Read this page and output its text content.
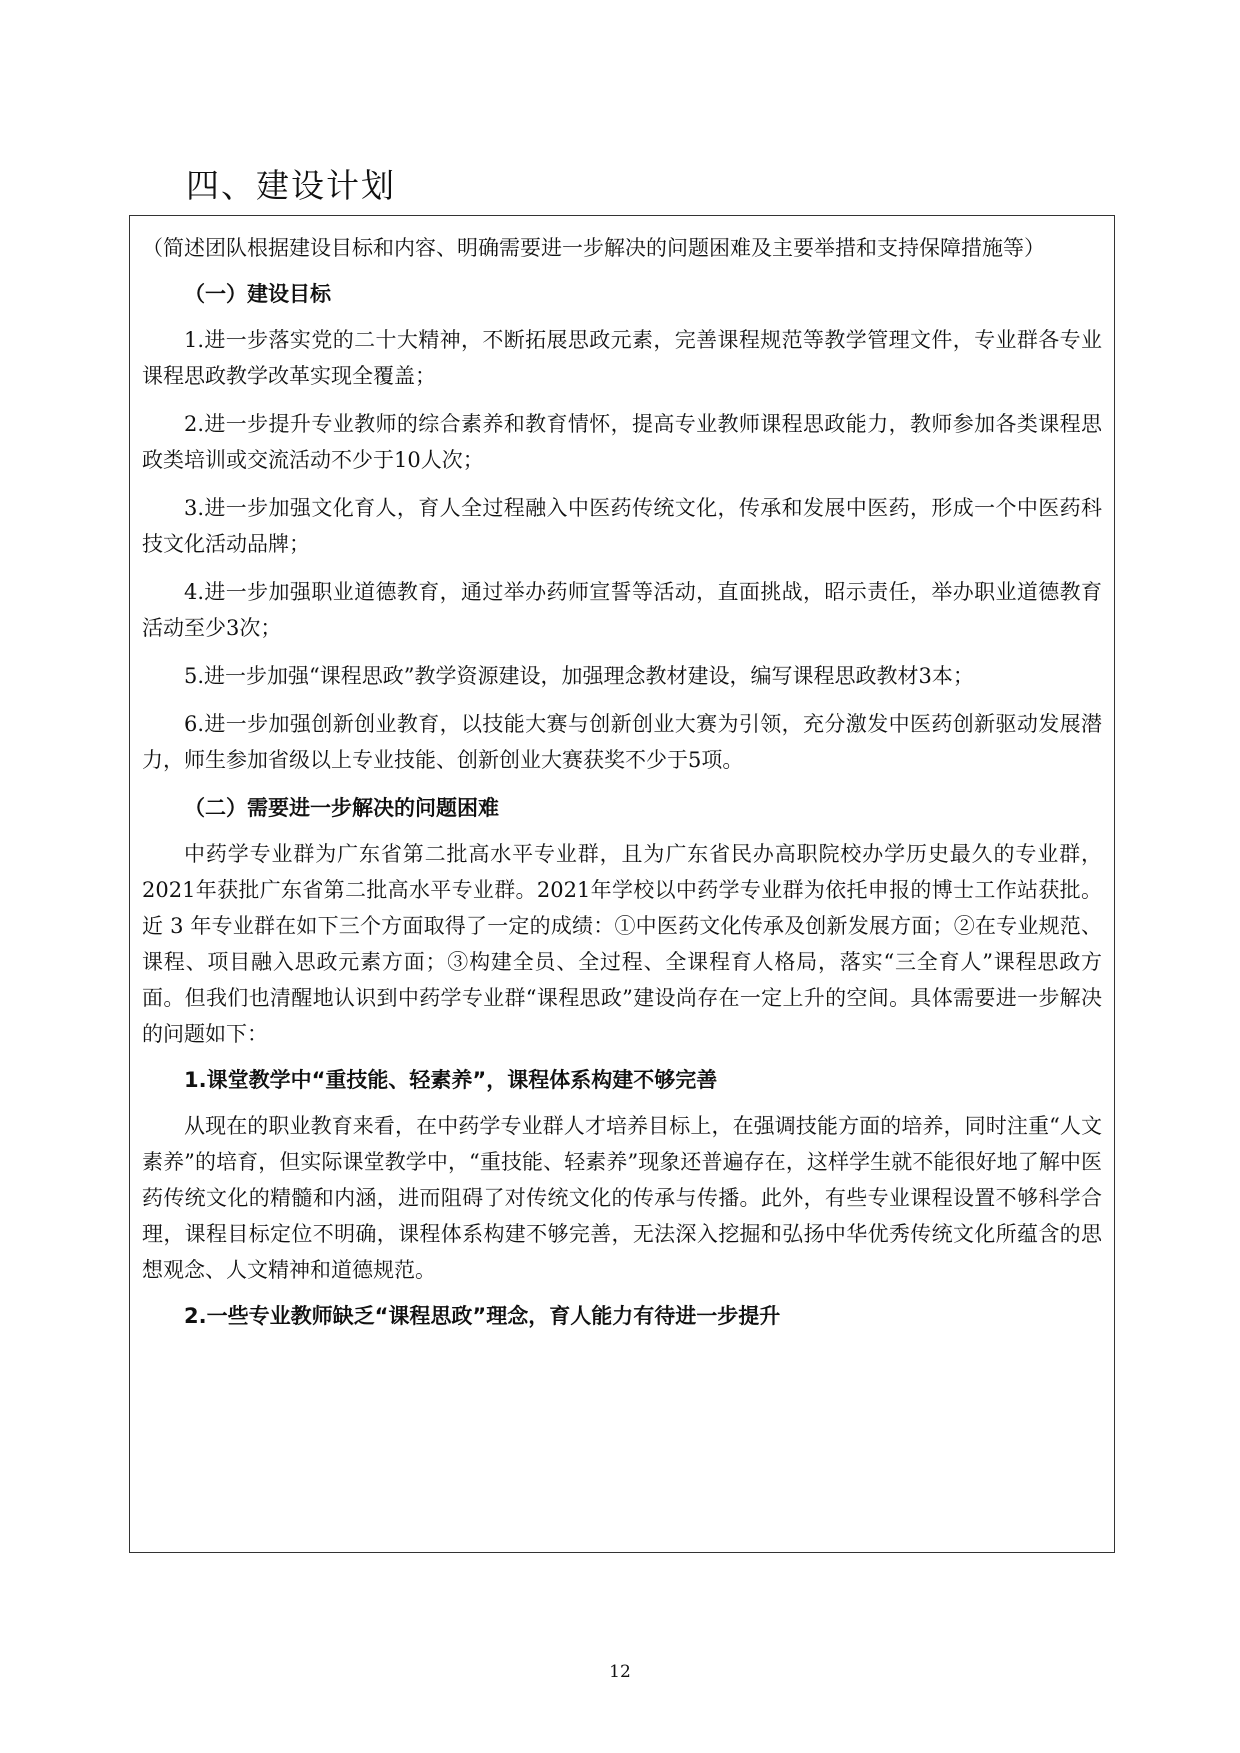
四、建设计划

（简述团队根据建设目标和内容、明确需要进一步解决的问题困难及主要举措和支持保障措施等）

（一）建设目标

1.进一步落实党的二十大精神，不断拓展思政元素，完善课程规范等教学管理文件，专业群各专业课程思政教学改革实现全覆盖；

2.进一步提升专业教师的综合素养和教育情怀，提高专业教师课程思政能力，教师参加各类课程思政类培训或交流活动不少于10人次；

3.进一步加强文化育人，育人全过程融入中医药传统文化，传承和发展中医药，形成一个中医药科技文化活动品牌；

4.进一步加强职业道德教育，通过举办药师宣誓等活动，直面挑战，昭示责任，举办职业道德教育活动至少3次；

5.进一步加强“课程思政”教学资源建设，加强理念教材建设，编写课程思政教材3本；

6.进一步加强创新创业教育，以技能大赛与创新创业大赛为引领，充分激发中医药创新驱动发展潜力，师生参加省级以上专业技能、创新创业大赛获奖不少于5项。

（二）需要进一步解决的问题困难

中药学专业群为广东省第二批高水平专业群，且为广东省民办高职院校办学历史最久的专业群，2021年获批广东省第二批高水平专业群。2021年学校以中药学专业群为依托申报的博士工作站获批。近 3 年专业群在如下三个方面取得了一定的成绩：①中医药文化传承及创新发展方面；②在专业规范、课程、项目融入思政元素方面；③构建全员、全过程、全课程育人格局，落实“三全育人”课程思政方面。但我们也清醒地认识到中药学专业群“课程思政”建设尚存在一定上升的空间。具体需要进一步解决的问题如下：

1.课堂教学中“重技能、轻素养”，课程体系构建不够完善

从现在的职业教育来看，在中药学专业群人才培养目标上，在强调技能方面的培养，同时注重“人文素养”的培育，但实际课堂教学中，“重技能、轻素养”现象还普遍存在，这样学生就不能很好地了解中医药传统文化的精髓和内涵，进而阻碍了对传统文化的传承与传播。此外，有些专业课程设置不够科学合理，课程目标定位不明确，课程体系构建不够完善，无法深入挖掘和弘扬中华优秀传统文化所蕴含的思想观念、人文精神和道德规范。

2.一些专业教师缺乏“课程思政”理念，育人能力有待进一步提升

12
